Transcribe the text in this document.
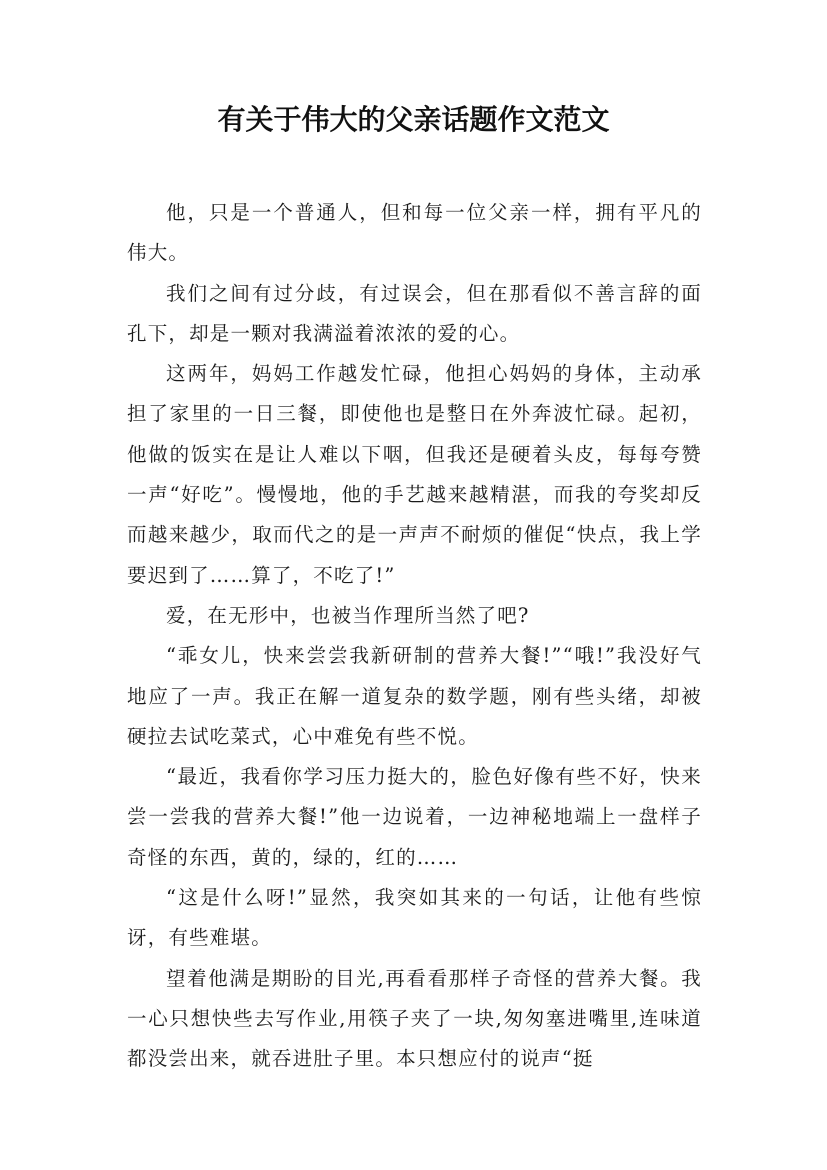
有关于伟大的父亲话题作文范文

他，只是一个普通人，但和每一位父亲一样，拥有平凡的伟大。

我们之间有过分歧，有过误会，但在那看似不善言辞的面孔下，却是一颗对我满溢着浓浓的爱的心。

这两年，妈妈工作越发忙碌，他担心妈妈的身体，主动承担了家里的一日三餐，即使他也是整日在外奔波忙碌。起初，他做的饭实在是让人难以下咽，但我还是硬着头皮，每每夸赞一声“好吃”。慢慢地，他的手艺越来越精湛，而我的夸奖却反而越来越少，取而代之的是一声声不耐烦的催促“快点，我上学要迟到了……算了，不吃了!”

爱，在无形中，也被当作理所当然了吧?

“乖女儿，快来尝尝我新研制的营养大餐!”“哦!”我没好气地应了一声。我正在解一道复杂的数学题，刚有些头绪，却被硬拉去试吃菜式，心中难免有些不悦。

“最近，我看你学习压力挺大的，脸色好像有些不好，快来尝一尝我的营养大餐!”他一边说着，一边神秘地端上一盘样子奇怪的东西，黄的，绿的，红的……

“这是什么呀!”显然，我突如其来的一句话，让他有些惊讶，有些难堪。

望着他满是期盼的目光,再看看那样子奇怪的营养大餐。我一心只想快些去写作业,用筷子夹了一块,匆匆塞进嘴里,连味道都没尝出来，就吞进肚子里。本只想应付的说声“挺
